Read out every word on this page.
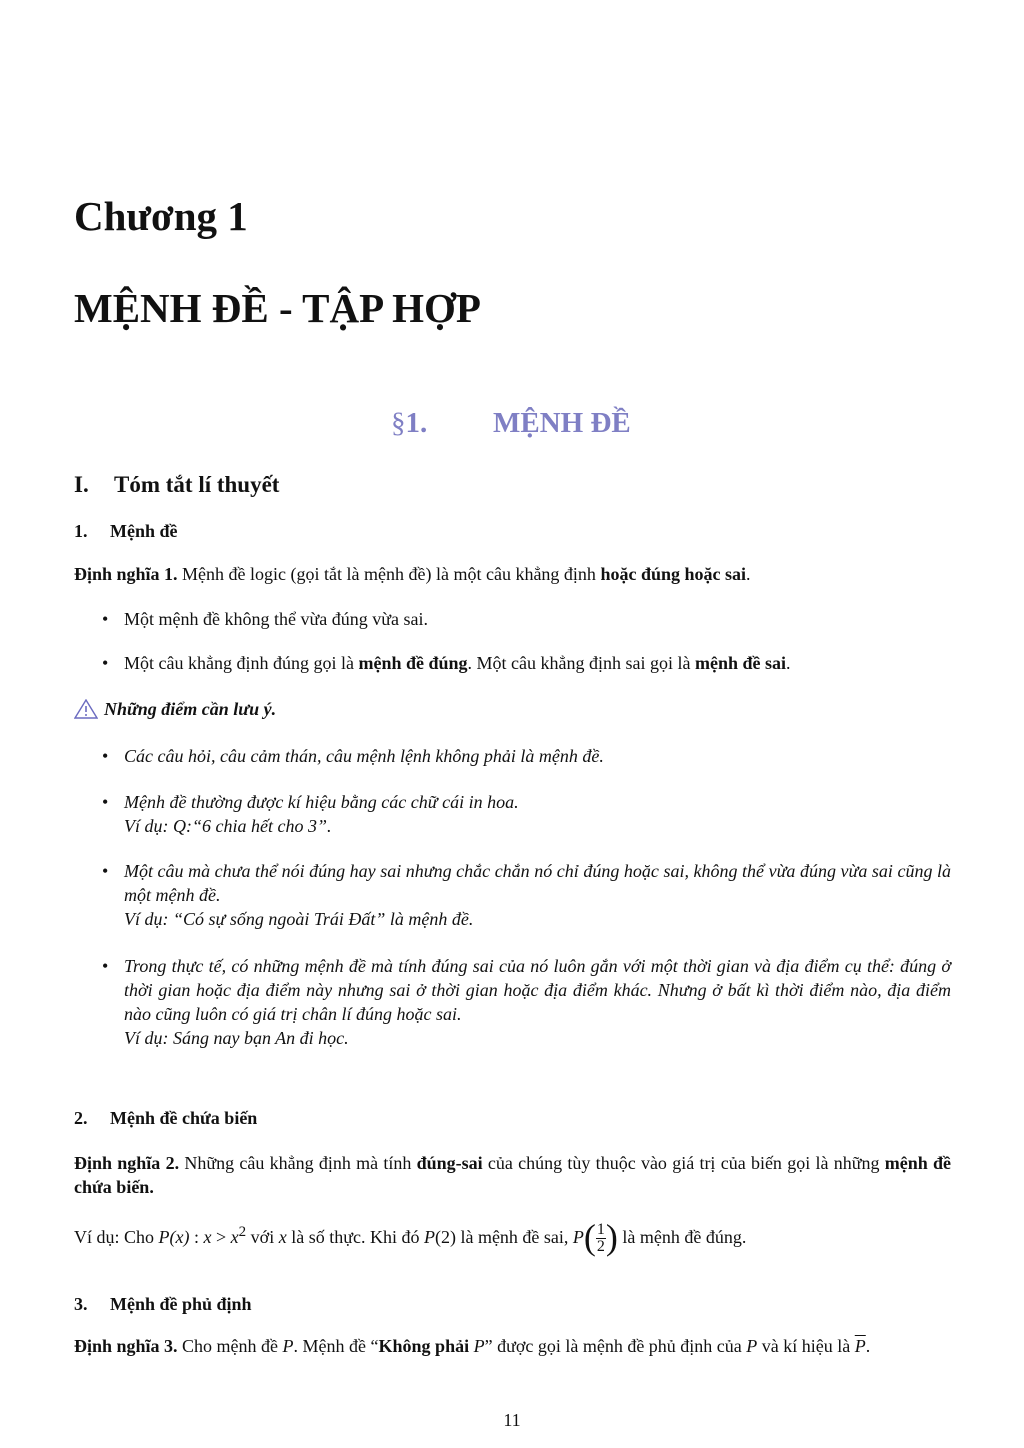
Chương 1
MỆNH ĐỀ - TẬP HỢP
§1. MỆNH ĐỀ
I. Tóm tắt lí thuyết
1. Mệnh đề
Định nghĩa 1. Mệnh đề logic (gọi tắt là mệnh đề) là một câu khẳng định hoặc đúng hoặc sai.
• Một mệnh đề không thể vừa đúng vừa sai.
• Một câu khẳng định đúng gọi là mệnh đề đúng. Một câu khẳng định sai gọi là mệnh đề sai.
Những điểm cần lưu ý.
• Các câu hỏi, câu cảm thán, câu mệnh lệnh không phải là mệnh đề.
• Mệnh đề thường được kí hiệu bằng các chữ cái in hoa.
Ví dụ: Q:“6 chia hết cho 3”.
• Một câu mà chưa thể nói đúng hay sai nhưng chắc chắn nó chỉ đúng hoặc sai, không thể vừa đúng vừa sai cũng là một mệnh đề.
Ví dụ: “Có sự sống ngoài Trái Đất” là mệnh đề.
• Trong thực tế, có những mệnh đề mà tính đúng sai của nó luôn gắn với một thời gian và địa điểm cụ thể: đúng ở thời gian hoặc địa điểm này nhưng sai ở thời gian hoặc địa điểm khác. Nhưng ở bất kì thời điểm nào, địa điểm nào cũng luôn có giá trị chân lí đúng hoặc sai.
Ví dụ: Sáng nay bạn An đi học.
2. Mệnh đề chứa biến
Định nghĩa 2. Những câu khẳng định mà tính đúng-sai của chúng tùy thuộc vào giá trị của biến gọi là những mệnh đề chứa biến.
Ví dụ: Cho P(x) : $x > x^2$ với x là số thực. Khi đó P(2) là mệnh đề sai, $P( \frac{1}{2}$ ) là mệnh đề đúng.
3. Mệnh đề phủ định
Định nghĩa 3. Cho mệnh đề P. Mệnh đề “Không phải P” được gọi là mệnh đề phủ định của P và kí hiệu là $\overline{P}$.
11
